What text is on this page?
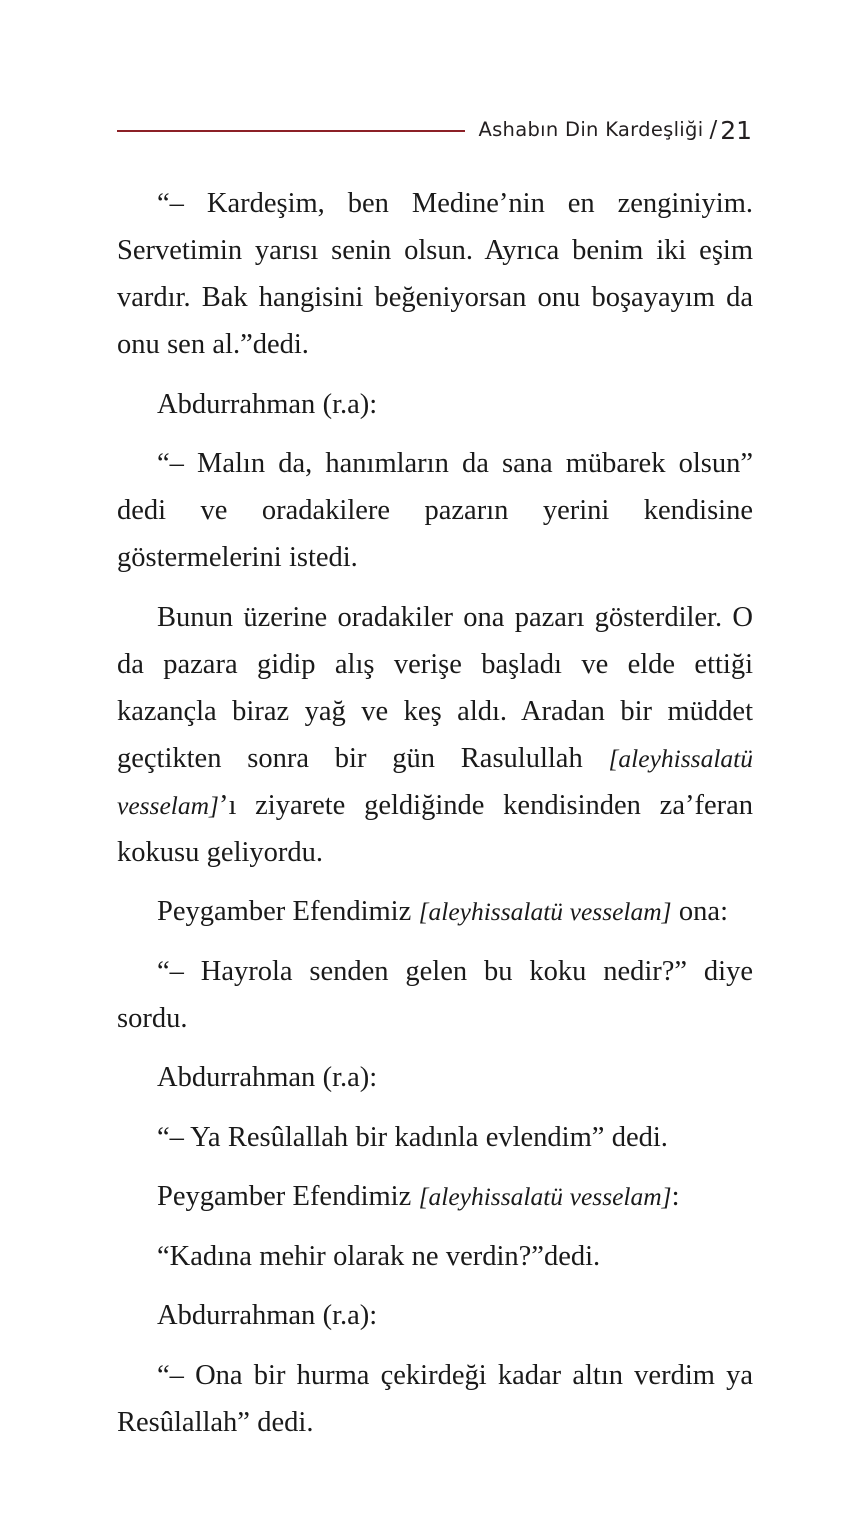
Ashabın Din Kardeşliği / 21

“– Kardeşim, ben Medine’nin en zenginiyim. Servetimin yarısı senin olsun. Ayrıca benim iki eşim vardır. Bak hangisini beğeniyorsan onu boşayayım da onu sen al.”dedi.

Abdurrahman (r.a):

“– Malın da, hanımların da sana mübarek olsun” dedi ve oradakilere pazarın yerini kendisine göstermelerini istedi.

Bunun üzerine oradakiler ona pazarı gösterdiler. O da pazara gidip alış verişe başladı ve elde ettiği kazançla biraz yağ ve keş aldı. Aradan bir müddet geçtikten sonra bir gün Rasulullah [aleyhissalatü vesselam]’ı ziyarete geldiğinde kendisinden za’feran kokusu geliyordu.

Peygamber Efendimiz [aleyhissalatü vesselam] ona:

“– Hayrola senden gelen bu koku nedir?” diye sordu.

Abdurrahman (r.a):

“– Ya Resûlallah bir kadınla evlendim” dedi.

Peygamber Efendimiz [aleyhissalatü vesselam]:

“Kadına mehir olarak ne verdin?”dedi.

Abdurrahman (r.a):

“– Ona bir hurma çekirdeği kadar altın verdim ya Resûlallah” dedi.
